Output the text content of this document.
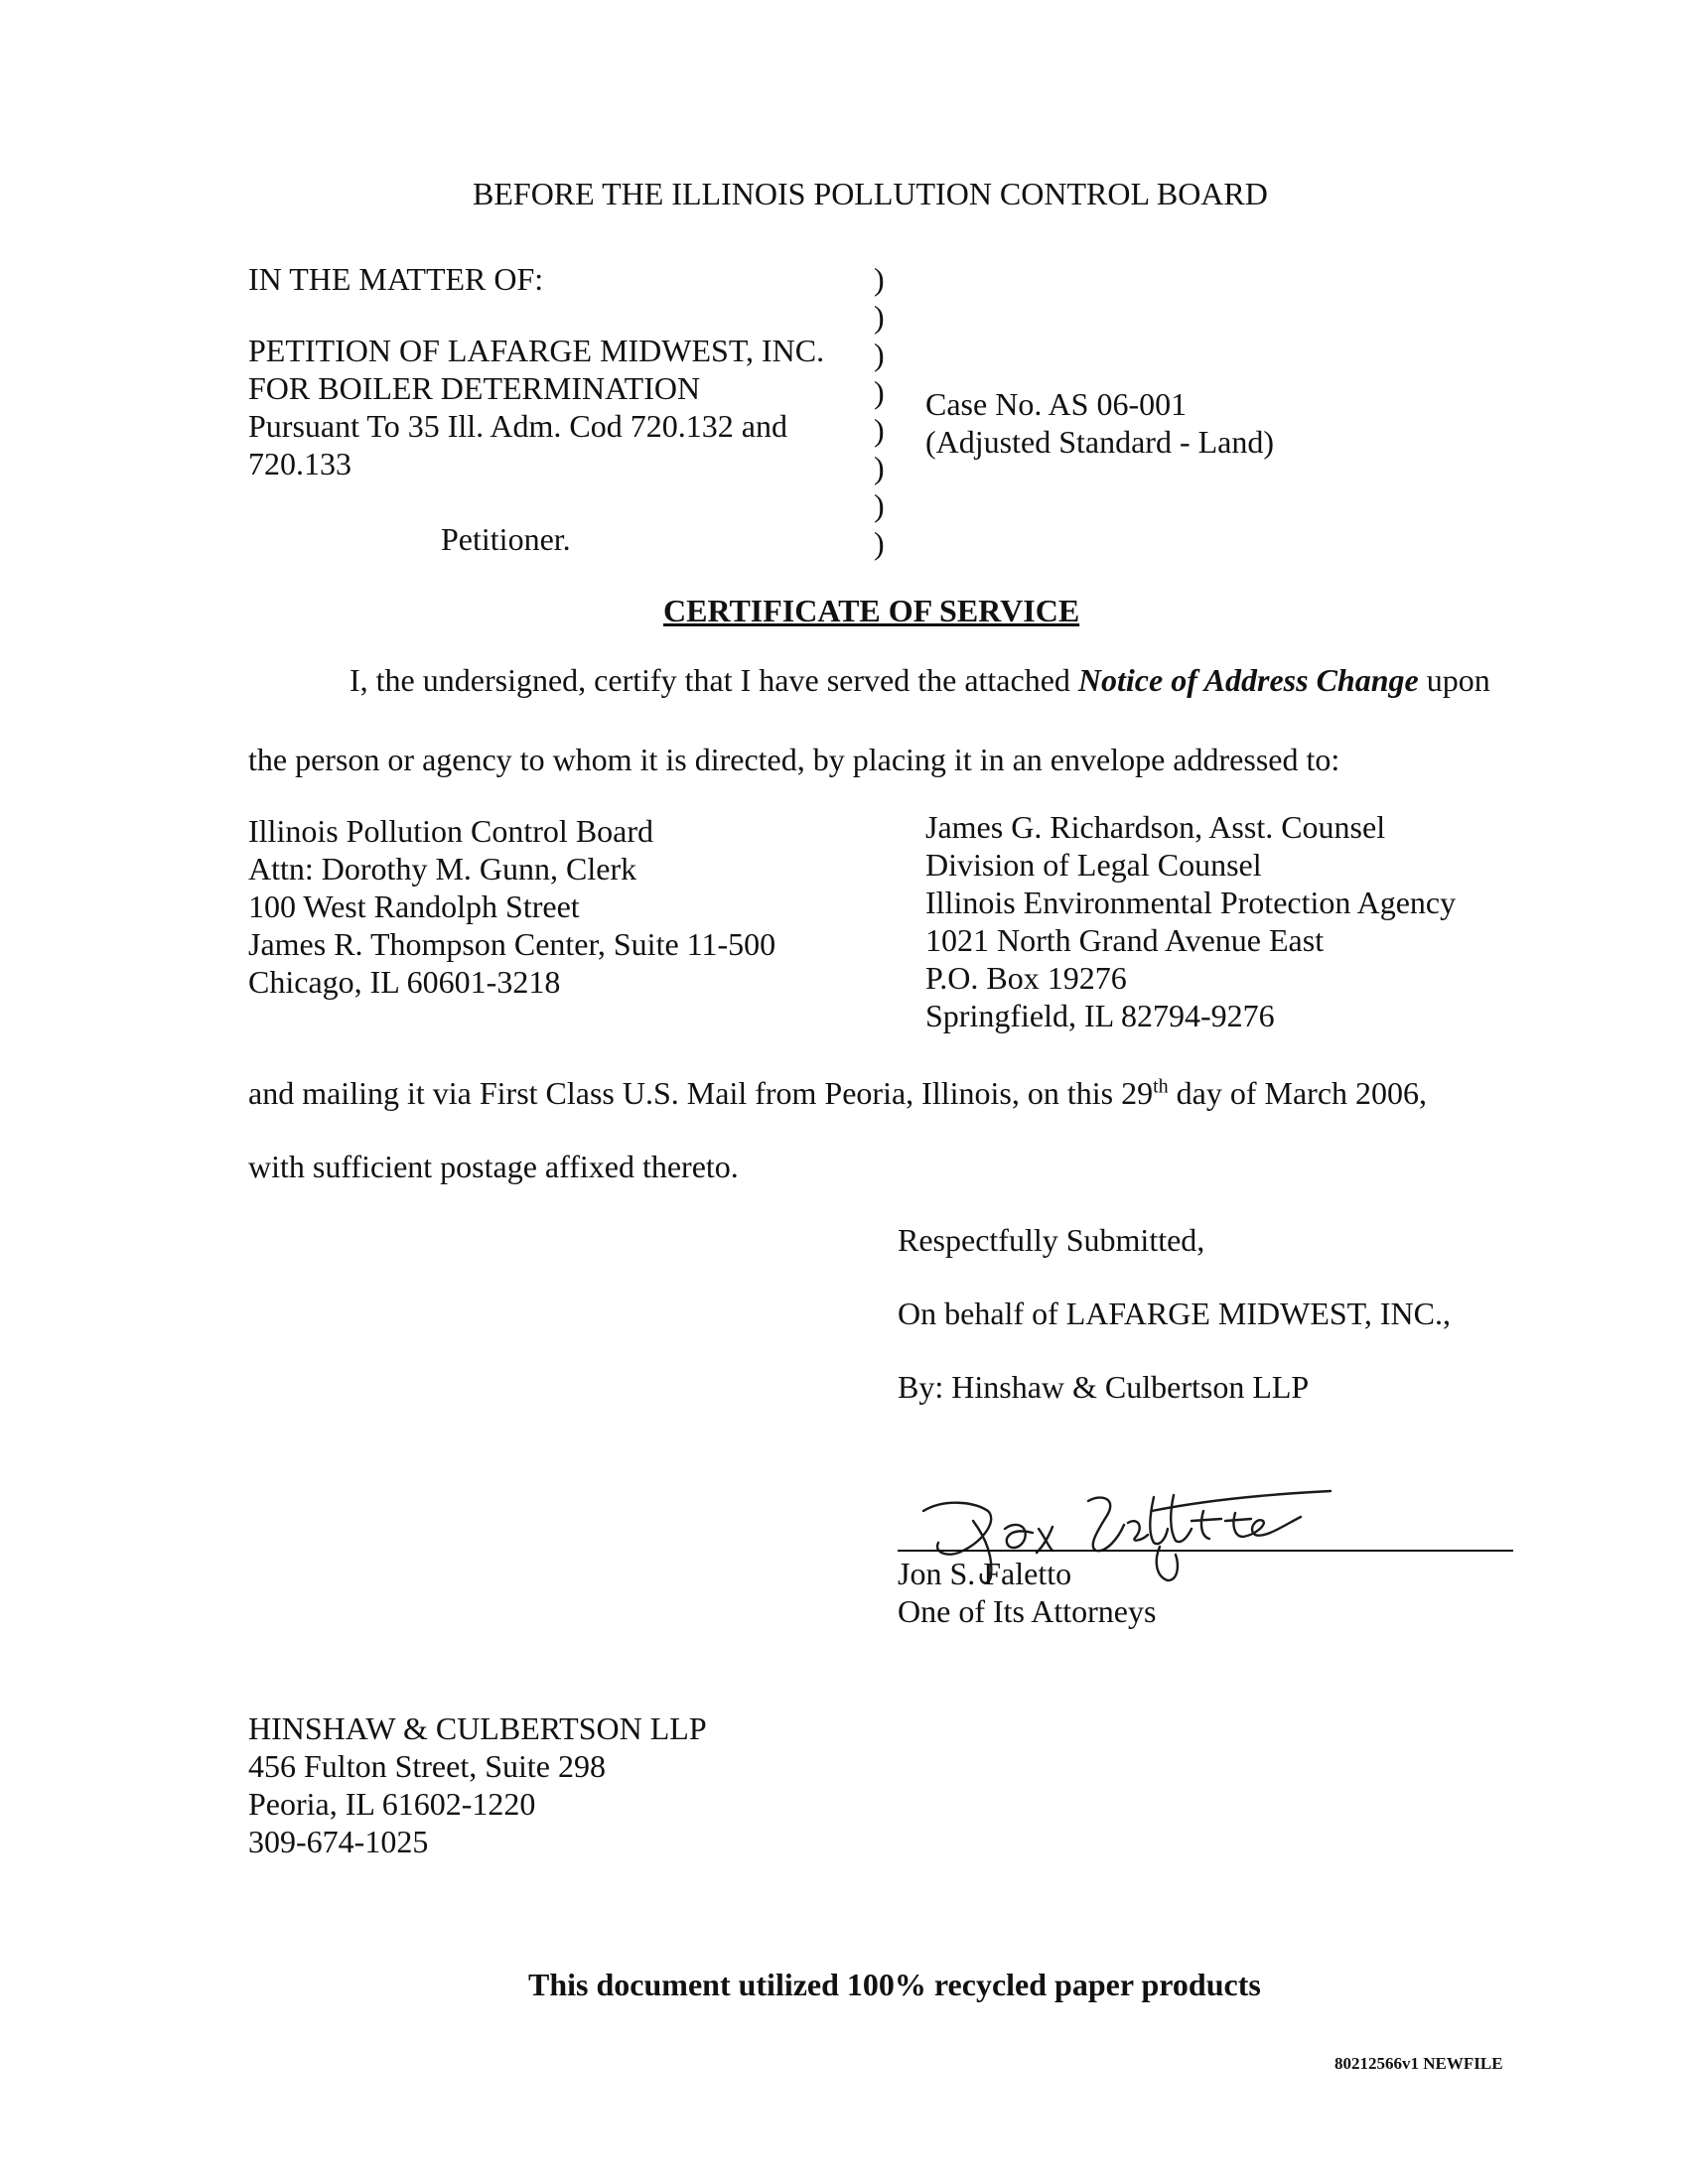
BEFORE THE ILLINOIS POLLUTION CONTROL BOARD
IN THE MATTER OF:
PETITION OF LAFARGE MIDWEST, INC.
FOR BOILER DETERMINATION
Pursuant To 35 Ill. Adm. Cod 720.132 and
720.133
Petitioner.
)
)
)
)
)
)
)
)
Case No. AS 06-001
(Adjusted Standard - Land)
CERTIFICATE OF SERVICE
I, the undersigned, certify that I have served the attached Notice of Address Change upon
the person or agency to whom it is directed, by placing it in an envelope addressed to:
Illinois Pollution Control Board
Attn: Dorothy M. Gunn, Clerk
100 West Randolph Street
James R. Thompson Center, Suite 11-500
Chicago, IL 60601-3218
James G. Richardson, Asst. Counsel
Division of Legal Counsel
Illinois Environmental Protection Agency
1021 North Grand Avenue East
P.O. Box 19276
Springfield, IL 82794-9276
and mailing it via First Class U.S. Mail from Peoria, Illinois, on this 29th day of March 2006,
with sufficient postage affixed thereto.
Respectfully Submitted,
On behalf of LAFARGE MIDWEST, INC.,
By: Hinshaw & Culbertson LLP
Jon S. Faletto
One of Its Attorneys
HINSHAW & CULBERTSON LLP
456 Fulton Street, Suite 298
Peoria, IL 61602-1220
309-674-1025
This document utilized 100% recycled paper products
80212566v1 NEWFILE
